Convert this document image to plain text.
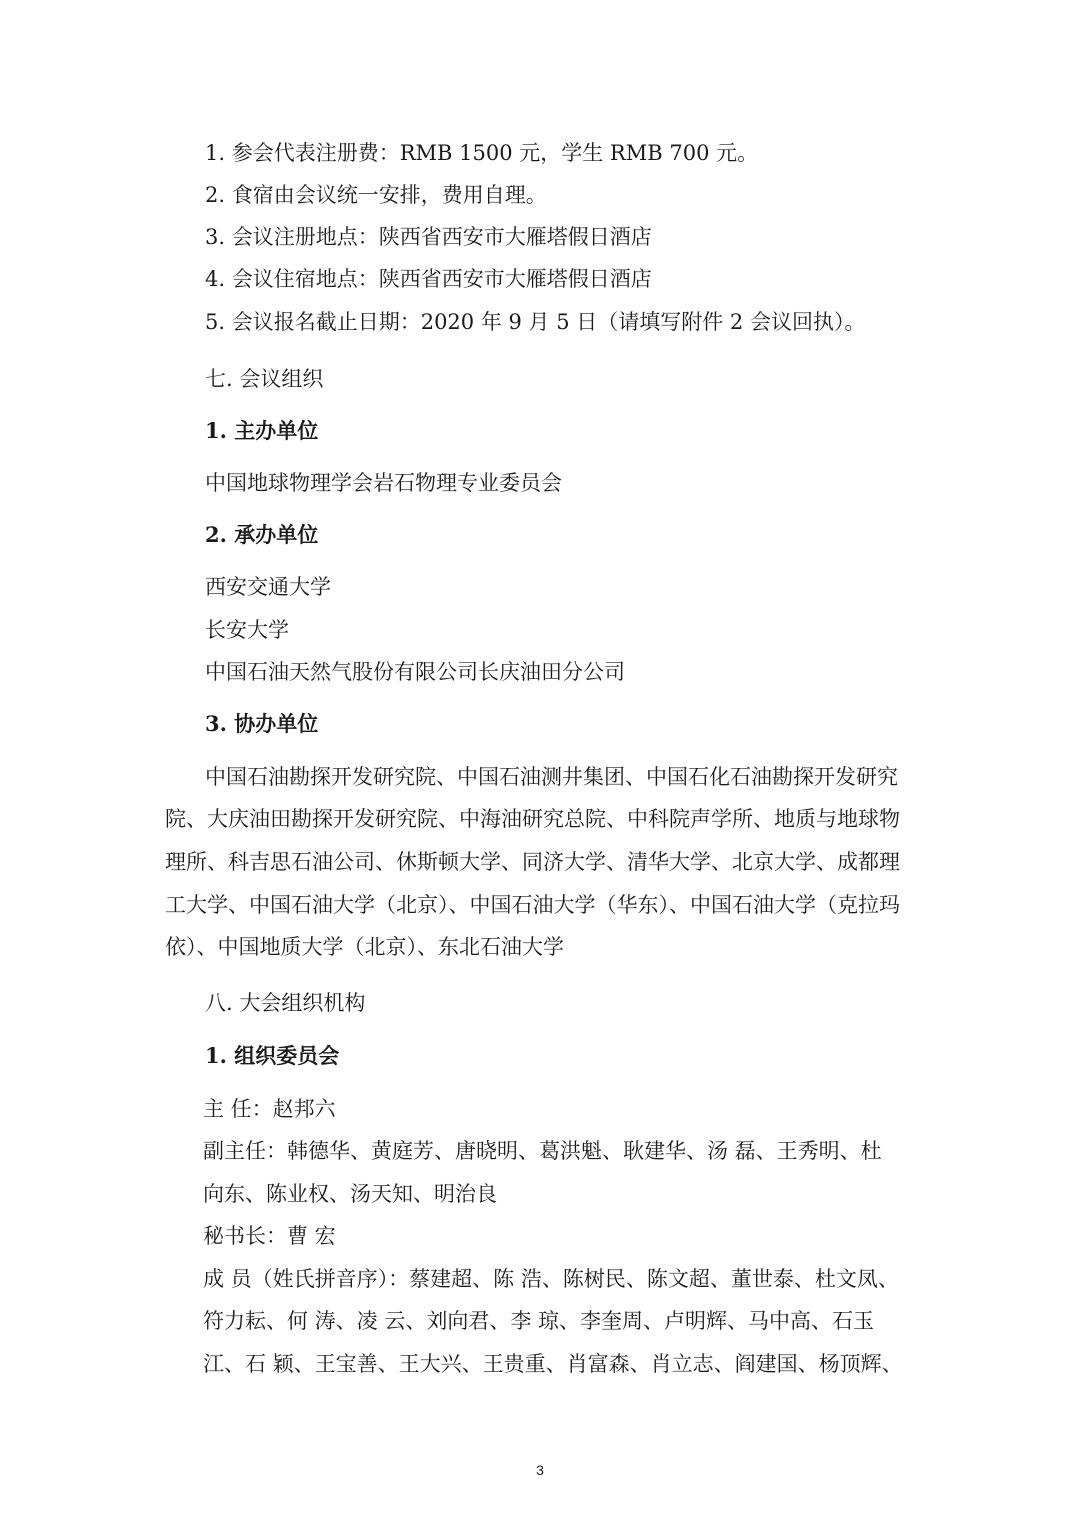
1. 参会代表注册费：RMB 1500 元，学生 RMB 700 元。

2. 食宿由会议统一安排，费用自理。

3. 会议注册地点：陕西省西安市大雁塔假日酒店

4. 会议住宿地点：陕西省西安市大雁塔假日酒店

5. 会议报名截止日期：2020 年 9 月 5 日（请填写附件 2 会议回执）。

七. 会议组织

1. 主办单位

中国地球物理学会岩石物理专业委员会

2. 承办单位

西安交通大学

长安大学

中国石油天然气股份有限公司长庆油田分公司

3. 协办单位

中国石油勘探开发研究院、中国石油测井集团、中国石化石油勘探开发研究

院、大庆油田勘探开发研究院、中海油研究总院、中科院声学所、地质与地球物

理所、科吉思石油公司、休斯顿大学、同济大学、清华大学、北京大学、成都理

工大学、中国石油大学（北京）、中国石油大学（华东）、中国石油大学（克拉玛

依）、中国地质大学（北京）、东北石油大学

八. 大会组织机构

1. 组织委员会

主 任：赵邦六

副主任：韩德华、黄庭芳、唐晓明、葛洪魁、耿建华、汤 磊、王秀明、杜

向东、陈业权、汤天知、明治良

秘书长：曹 宏

成 员（姓氏拼音序）：蔡建超、陈 浩、陈树民、陈文超、董世泰、杜文凤、

符力耘、何 涛、凌 云、刘向君、李 琼、李奎周、卢明辉、马中高、石玉

江、石 颖、王宝善、王大兴、王贵重、肖富森、肖立志、阎建国、杨顶辉、

3
